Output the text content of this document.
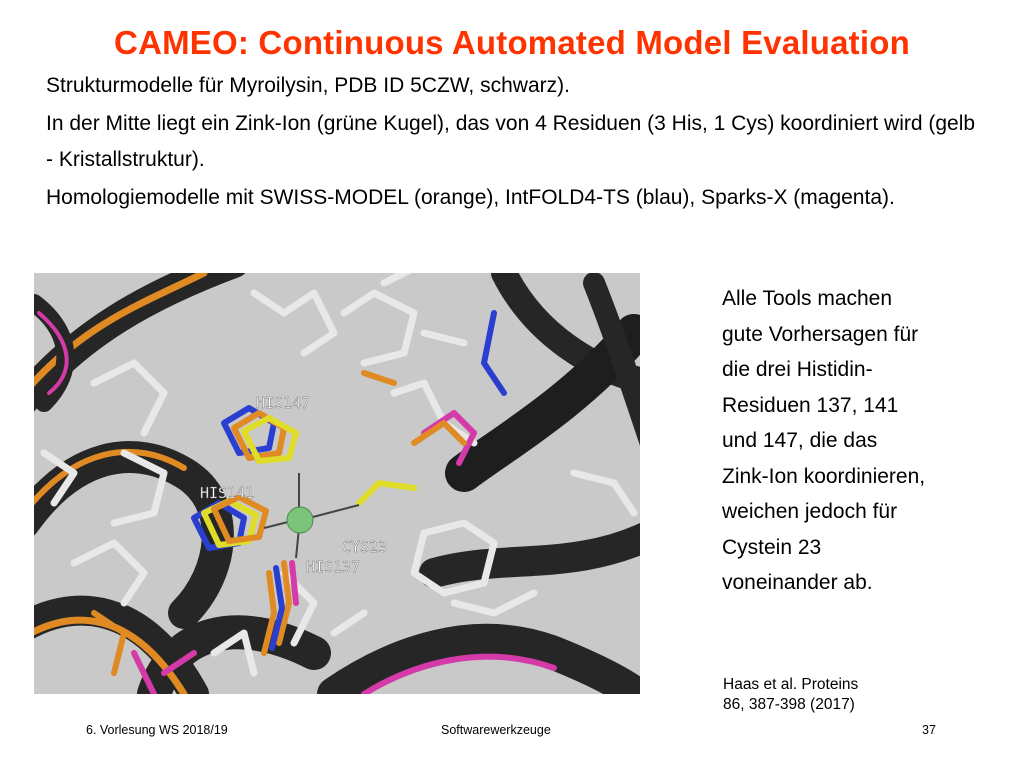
CAMEO: Continuous Automated Model Evaluation

Strukturmodelle für Myroilysin, PDB ID 5CZW, schwarz).

In der Mitte liegt ein Zink-Ion (grüne Kugel), das von 4 Residuen (3 His, 1 Cys) koordiniert wird (gelb - Kristallstruktur).

Homologiemodelle mit SWISS-MODEL (orange), IntFOLD4-TS (blau), Sparks-X (magenta).

HIS147
HIS141
CYS23
HIS137
Alle Tools machen
gute Vorhersagen für
die drei Histidin-
Residuen 137, 141
und 147, die das
Zink-Ion koordinieren,
weichen jedoch für
Cystein 23
voneinander ab.
Haas et al. Proteins
86, 387-398 (2017)
6. Vorlesung WS 2018/19	Softwarewerkzeuge	37
